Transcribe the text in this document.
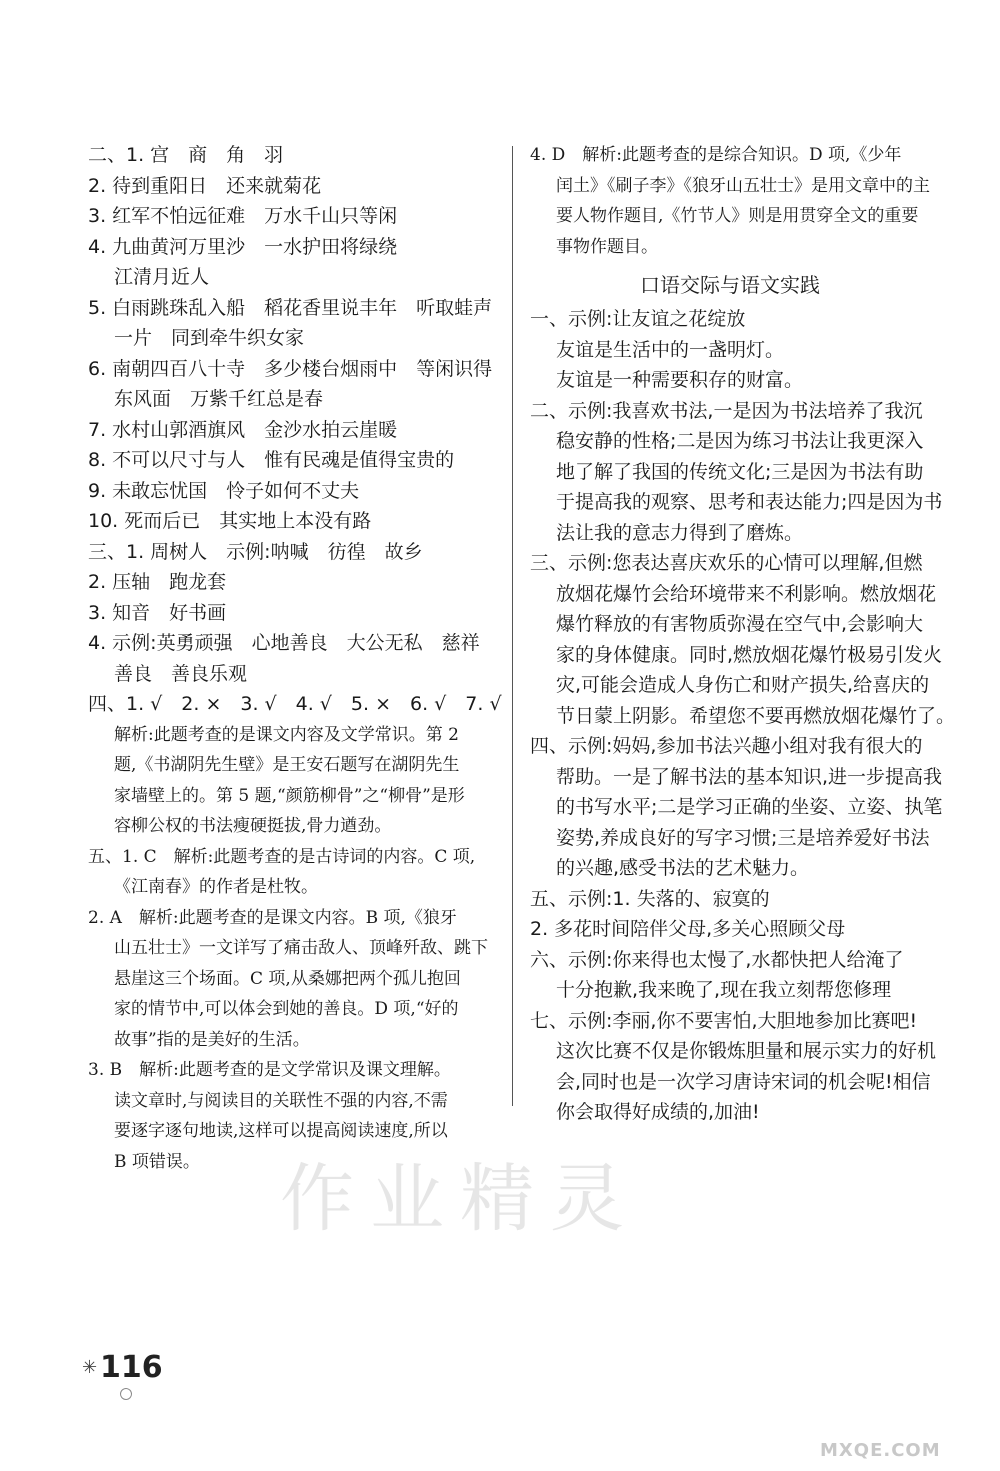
二、1. 宫　商　角　羽
2. 待到重阳日　还来就菊花
3. 红军不怕远征难　万水千山只等闲
4. 九曲黄河万里沙　一水护田将绿绕
江清月近人
5. 白雨跳珠乱入船　稻花香里说丰年　听取蛙声
一片　同到牵牛织女家
6. 南朝四百八十寺　多少楼台烟雨中　等闲识得
东风面　万紫千红总是春
7. 水村山郭酒旗风　金沙水拍云崖暖
8. 不可以尺寸与人　惟有民魂是值得宝贵的
9. 未敢忘忧国　怜子如何不丈夫
10. 死而后已　其实地上本没有路
三、1. 周树人　示例:呐喊　彷徨　故乡
2. 压轴　跑龙套
3. 知音　好书画
4. 示例:英勇顽强　心地善良　大公无私　慈祥
善良　善良乐观
四、1. √　2. ×　3. √　4. √　5. ×　6. √　7. √
解析:此题考查的是课文内容及文学常识。第 2
题,《书湖阴先生壁》是王安石题写在湖阴先生
家墙壁上的。第 5 题,“颜筋柳骨”之“柳骨”是形
容柳公权的书法瘦硬挺拔,骨力遒劲。
五、1. C　解析:此题考查的是古诗词的内容。C 项,
《江南春》的作者是杜牧。
2. A　解析:此题考查的是课文内容。B 项,《狼牙
山五壮士》一文详写了痛击敌人、顶峰歼敌、跳下
悬崖这三个场面。C 项,从桑娜把两个孤儿抱回
家的情节中,可以体会到她的善良。D 项,“好的
故事”指的是美好的生活。
3. B　解析:此题考查的是文学常识及课文理解。
读文章时,与阅读目的关联性不强的内容,不需
要逐字逐句地读,这样可以提高阅读速度,所以
B 项错误。
4. D　解析:此题考查的是综合知识。D 项,《少年
闰土》《刷子李》《狼牙山五壮士》是用文章中的主
要人物作题目,《竹节人》则是用贯穿全文的重要
事物作题目。
口语交际与语文实践
一、示例:让友谊之花绽放
友谊是生活中的一盏明灯。
友谊是一种需要积存的财富。
二、示例:我喜欢书法,一是因为书法培养了我沉
稳安静的性格;二是因为练习书法让我更深入
地了解了我国的传统文化;三是因为书法有助
于提高我的观察、思考和表达能力;四是因为书
法让我的意志力得到了磨炼。
三、示例:您表达喜庆欢乐的心情可以理解,但燃
放烟花爆竹会给环境带来不利影响。燃放烟花
爆竹释放的有害物质弥漫在空气中,会影响大
家的身体健康。同时,燃放烟花爆竹极易引发火
灾,可能会造成人身伤亡和财产损失,给喜庆的
节日蒙上阴影。希望您不要再燃放烟花爆竹了。
四、示例:妈妈,参加书法兴趣小组对我有很大的
帮助。一是了解书法的基本知识,进一步提高我
的书写水平;二是学习正确的坐姿、立姿、执笔
姿势,养成良好的写字习惯;三是培养爱好书法
的兴趣,感受书法的艺术魅力。
五、示例:1. 失落的、寂寞的
2. 多花时间陪伴父母,多关心照顾父母
六、示例:你来得也太慢了,水都快把人给淹了
十分抱歉,我来晚了,现在我立刻帮您修理
七、示例:李丽,你不要害怕,大胆地参加比赛吧!
这次比赛不仅是你锻炼胆量和展示实力的好机
会,同时也是一次学习唐诗宋词的机会呢!相信
你会取得好成绩的,加油!
作业精灵
✳ 116
MXQE.COM
